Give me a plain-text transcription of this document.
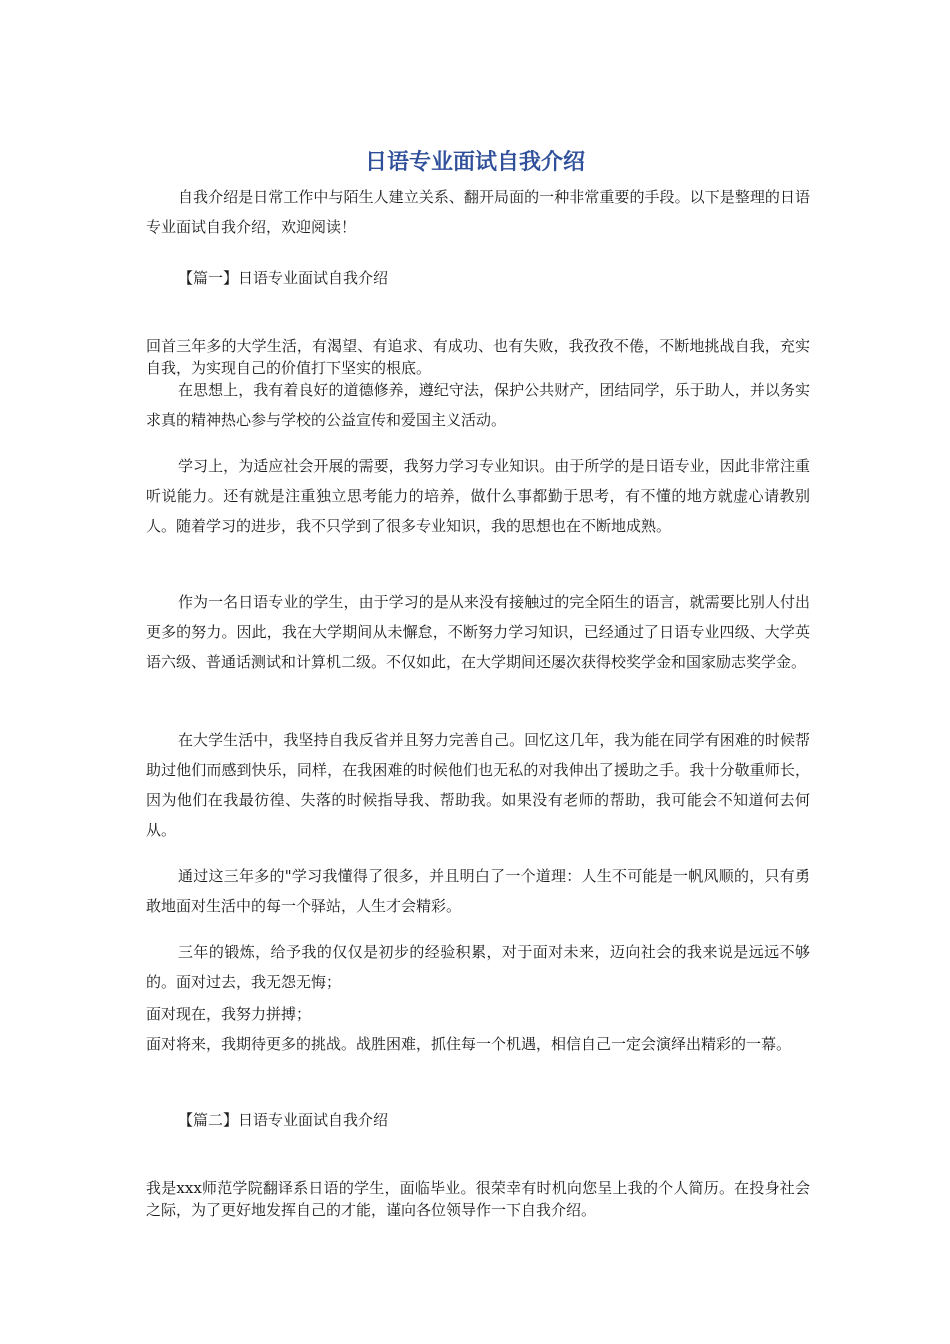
日语专业面试自我介绍

自我介绍是日常工作中与陌生人建立关系、翻开局面的一种非常重要的手段。以下是整理的日语专业面试自我介绍，欢迎阅读！

【篇一】日语专业面试自我介绍

回首三年多的大学生活，有渴望、有追求、有成功、也有失败，我孜孜不倦，不断地挑战自我，充实自我，为实现自己的价值打下坚实的根底。

在思想上，我有着良好的道德修养，遵纪守法，保护公共财产，团结同学，乐于助人，并以务实求真的精神热心参与学校的公益宣传和爱国主义活动。

学习上，为适应社会开展的需要，我努力学习专业知识。由于所学的是日语专业，因此非常注重听说能力。还有就是注重独立思考能力的培养，做什么事都勤于思考，有不懂的地方就虚心请教别人。随着学习的进步，我不只学到了很多专业知识，我的思想也在不断地成熟。

作为一名日语专业的学生，由于学习的是从来没有接触过的完全陌生的语言，就需要比别人付出更多的努力。因此，我在大学期间从未懈怠，不断努力学习知识，已经通过了日语专业四级、大学英语六级、普通话测试和计算机二级。不仅如此，在大学期间还屡次获得校奖学金和国家励志奖学金。

在大学生活中，我坚持自我反省并且努力完善自己。回忆这几年，我为能在同学有困难的时候帮助过他们而感到快乐，同样，在我困难的时候他们也无私的对我伸出了援助之手。我十分敬重师长，因为他们在我最彷徨、失落的时候指导我、帮助我。如果没有老师的帮助，我可能会不知道何去何从。

通过这三年多的"学习我懂得了很多，并且明白了一个道理：人生不可能是一帆风顺的，只有勇敢地面对生活中的每一个驿站，人生才会精彩。

三年的锻炼，给予我的仅仅是初步的经验积累，对于面对未来，迈向社会的我来说是远远不够的。面对过去，我无怨无悔；

面对现在，我努力拼搏；

面对将来，我期待更多的挑战。战胜困难，抓住每一个机遇，相信自己一定会演绎出精彩的一幕。

【篇二】日语专业面试自我介绍

我是xxx师范学院翻译系日语的学生，面临毕业。很荣幸有时机向您呈上我的个人简历。在投身社会之际，为了更好地发挥自己的才能，谨向各位领导作一下自我介绍。
